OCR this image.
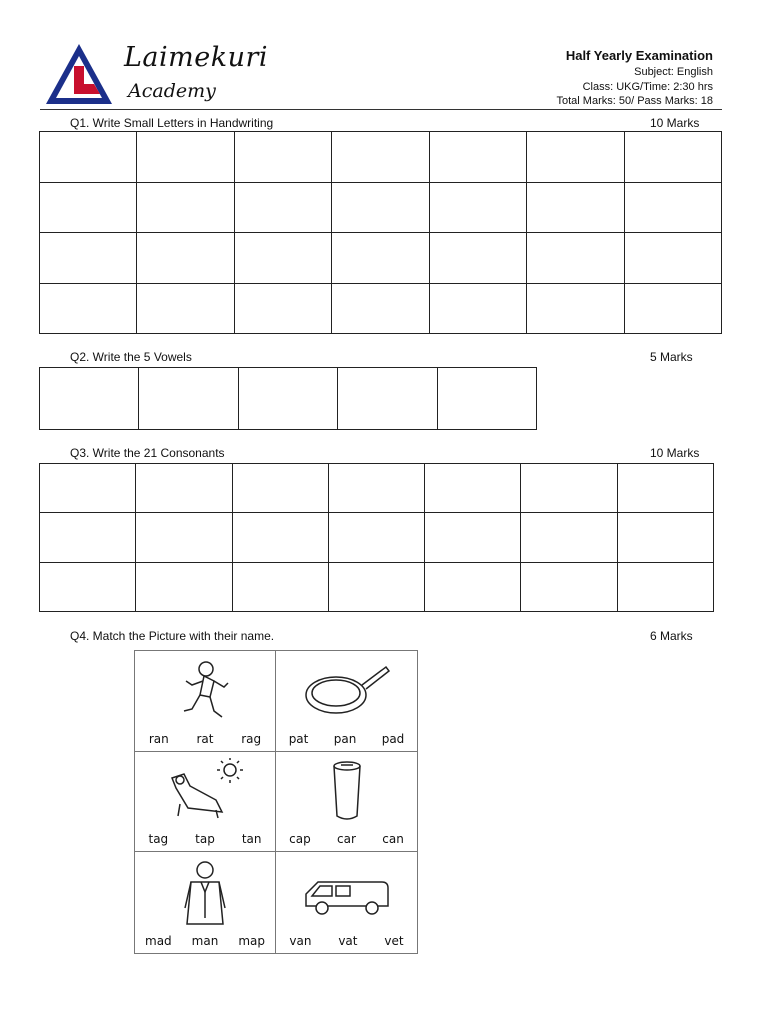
Laimekuri
Academy
Half Yearly Examination
Subject: English
Class: UKG/Time: 2:30 hrs
Total Marks: 50/ Pass Marks: 18
Q1. Write Small Letters in Handwriting	10 Marks

Q2. Write the 5 Vowels	5 Marks

Q3. Write the 21 Consonants	10 Marks

Q4. Match the Picture with their name.	6 Marks
ran rat rag pat pan pad
tag tap tan cap car can
mad man map van vat vet
